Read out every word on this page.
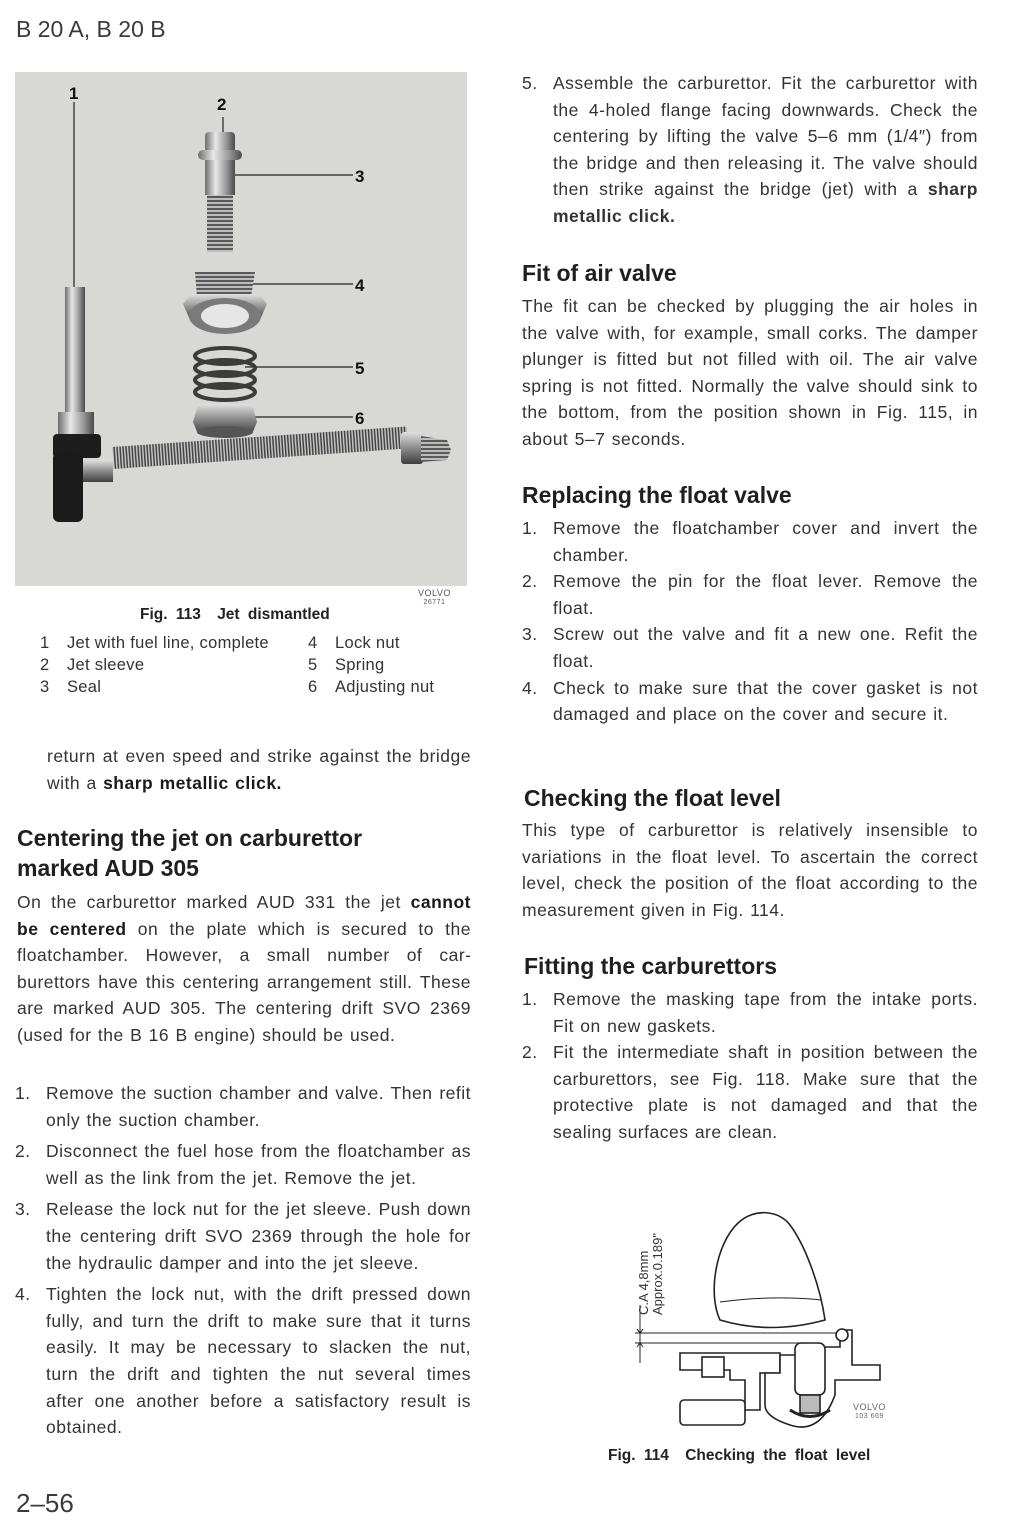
B 20 A, B 20 B
1
2
3
4
5
6
VOLVO
26771
Fig. 113 Jet dismantled
1	Jet with fuel line, complete 4	Lock nut
2	Jet sleeve	5	Spring
3	Seal	6	Adjusting nut
return at even speed and strike against the bridge with a sharp metallic click.
Centering the jet on carburettor
marked AUD 305
On the carburettor marked AUD 331 the jet cannot be centered on the plate which is secured to the floatchamber. However, a small number of carburettors have this centering arrangement still. These are marked AUD 305. The centering drift SVO 2369 (used for the B 16 B engine) should be used.
1. Remove the suction chamber and valve. Then refit only the suction chamber.
2. Disconnect the fuel hose from the floatchamber as well as the link from the jet. Remove the jet.
3. Release the lock nut for the jet sleeve. Push down the centering drift SVO 2369 through the hole for the hydraulic damper and into the jet sleeve.
4. Tighten the lock nut, with the drift pressed down fully, and turn the drift to make sure that it turns easily. It may be necessary to slacken the nut, turn the drift and tighten the nut several times after one another before a satisfactory result is obtained.
5. Assemble the carburettor. Fit the carburettor with the 4-holed flange facing downwards. Check the centering by lifting the valve 5–6 mm (1/4″) from the bridge and then releasing it. The valve should then strike against the bridge (jet) with a sharp metallic click.
Fit of air valve
The fit can be checked by plugging the air holes in the valve with, for example, small corks. The damper plunger is fitted but not filled with oil. The air valve spring is not fitted. Normally the valve should sink to the bottom, from the position shown in Fig. 115, in about 5–7 seconds.
Replacing the float valve
1. Remove the floatchamber cover and invert the chamber.
2. Remove the pin for the float lever. Remove the float.
3. Screw out the valve and fit a new one. Refit the float.
4. Check to make sure that the cover gasket is not damaged and place on the cover and secure it.
Checking the float level
This type of carburettor is relatively insensible to variations in the float level. To ascertain the correct level, check the position of the float according to the measurement given in Fig. 114.
Fitting the carburettors
1. Remove the masking tape from the intake ports. Fit on new gaskets.
2. Fit the intermediate shaft in position between the carburettors, see Fig. 118. Make sure that the protective plate is not damaged and that the sealing surfaces are clean.
C.A 4,8mm Approx.0.189"
VOLVO
103 669
Fig. 114 Checking the float level
2–56
